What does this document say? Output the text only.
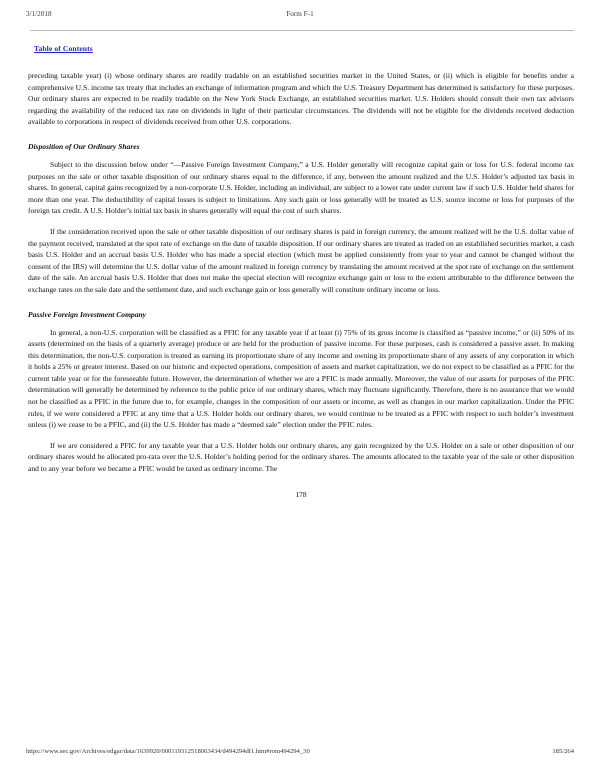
3/1/2018	Form F-1
Table of Contents

preceding taxable year) (i) whose ordinary shares are readily tradable on an established securities market in the United States, or (ii) which is eligible for benefits under a comprehensive U.S. income tax treaty that includes an exchange of information program and which the U.S. Treasury Department has determined is satisfactory for these purposes. Our ordinary shares are expected to be readily tradable on the New York Stock Exchange, an established securities market. U.S. Holders should consult their own tax advisors regarding the availability of the reduced tax rate on dividends in light of their particular circumstances. The dividends will not be eligible for the dividends received deduction available to corporations in respect of dividends received from other U.S. corporations.

Disposition of Our Ordinary Shares

Subject to the discussion below under “—Passive Foreign Investment Company,” a U.S. Holder generally will recognize capital gain or loss for U.S. federal income tax purposes on the sale or other taxable disposition of our ordinary shares equal to the difference, if any, between the amount realized and the U.S. Holder’s adjusted tax basis in shares. In general, capital gains recognized by a non-corporate U.S. Holder, including an individual, are subject to a lower rate under current law if such U.S. Holder held shares for more than one year. The deductibility of capital losses is subject to limitations. Any such gain or loss generally will be treated as U.S. source income or loss for purposes of the foreign tax credit. A U.S. Holder’s initial tax basis in shares generally will equal the cost of such shares.

If the consideration received upon the sale or other taxable disposition of our ordinary shares is paid in foreign currency, the amount realized will be the U.S. dollar value of the payment received, translated at the spot rate of exchange on the date of taxable disposition. If our ordinary shares are treated as traded on an established securities market, a cash basis U.S. Holder and an accrual basis U.S. Holder who has made a special election (which must be applied consistently from year to year and cannot be changed without the consent of the IRS) will determine the U.S. dollar value of the amount realized in foreign currency by translating the amount received at the spot rate of exchange on the settlement date of the sale. An accrual basis U.S. Holder that does not make the special election will recognize exchange gain or loss to the extent attributable to the difference between the exchange rates on the sale date and the settlement date, and such exchange gain or loss generally will constitute ordinary income or loss.

Passive Foreign Investment Company

In general, a non-U.S. corporation will be classified as a PFIC for any taxable year if at least (i) 75% of its gross income is classified as “passive income,” or (ii) 50% of its assets (determined on the basis of a quarterly average) produce or are held for the production of passive income. For these purposes, cash is considered a passive asset. In making this determination, the non-U.S. corporation is treated as earning its proportionate share of any income and owning its proportionate share of any assets of any corporation in which it holds a 25% or greater interest. Based on our historic and expected operations, composition of assets and market capitalization, we do not expect to be classified as a PFIC for the current table year or for the foreseeable future. However, the determination of whether we are a PFIC is made annually. Moreover, the value of our assets for purposes of the PFIC determination will generally be determined by reference to the public price of our ordinary shares, which may fluctuate significantly. Therefore, there is no assurance that we would not be classified as a PFIC in the future due to, for example, changes in the composition of our assets or income, as well as changes in our market capitalization. Under the PFIC rules, if we were considered a PFIC at any time that a U.S. Holder holds our ordinary shares, we would continue to be treated as a PFIC with respect to such holder’s investment unless (i) we cease to be a PFIC, and (ii) the U.S. Holder has made a “deemed sale” election under the PFIC rules.

If we are considered a PFIC for any taxable year that a U.S. Holder holds our ordinary shares, any gain recognized by the U.S. Holder on a sale or other disposition of our ordinary shares would be allocated pro-rata over the U.S. Holder’s holding period for the ordinary shares. The amounts allocated to the taxable year of the sale or other disposition and to any year before we became a PFIC would be taxed as ordinary income. The

178
https://www.sec.gov/Archives/edgar/data/1639920/000119312518063434/d494294df1.htm#rom494294_30	185/264
